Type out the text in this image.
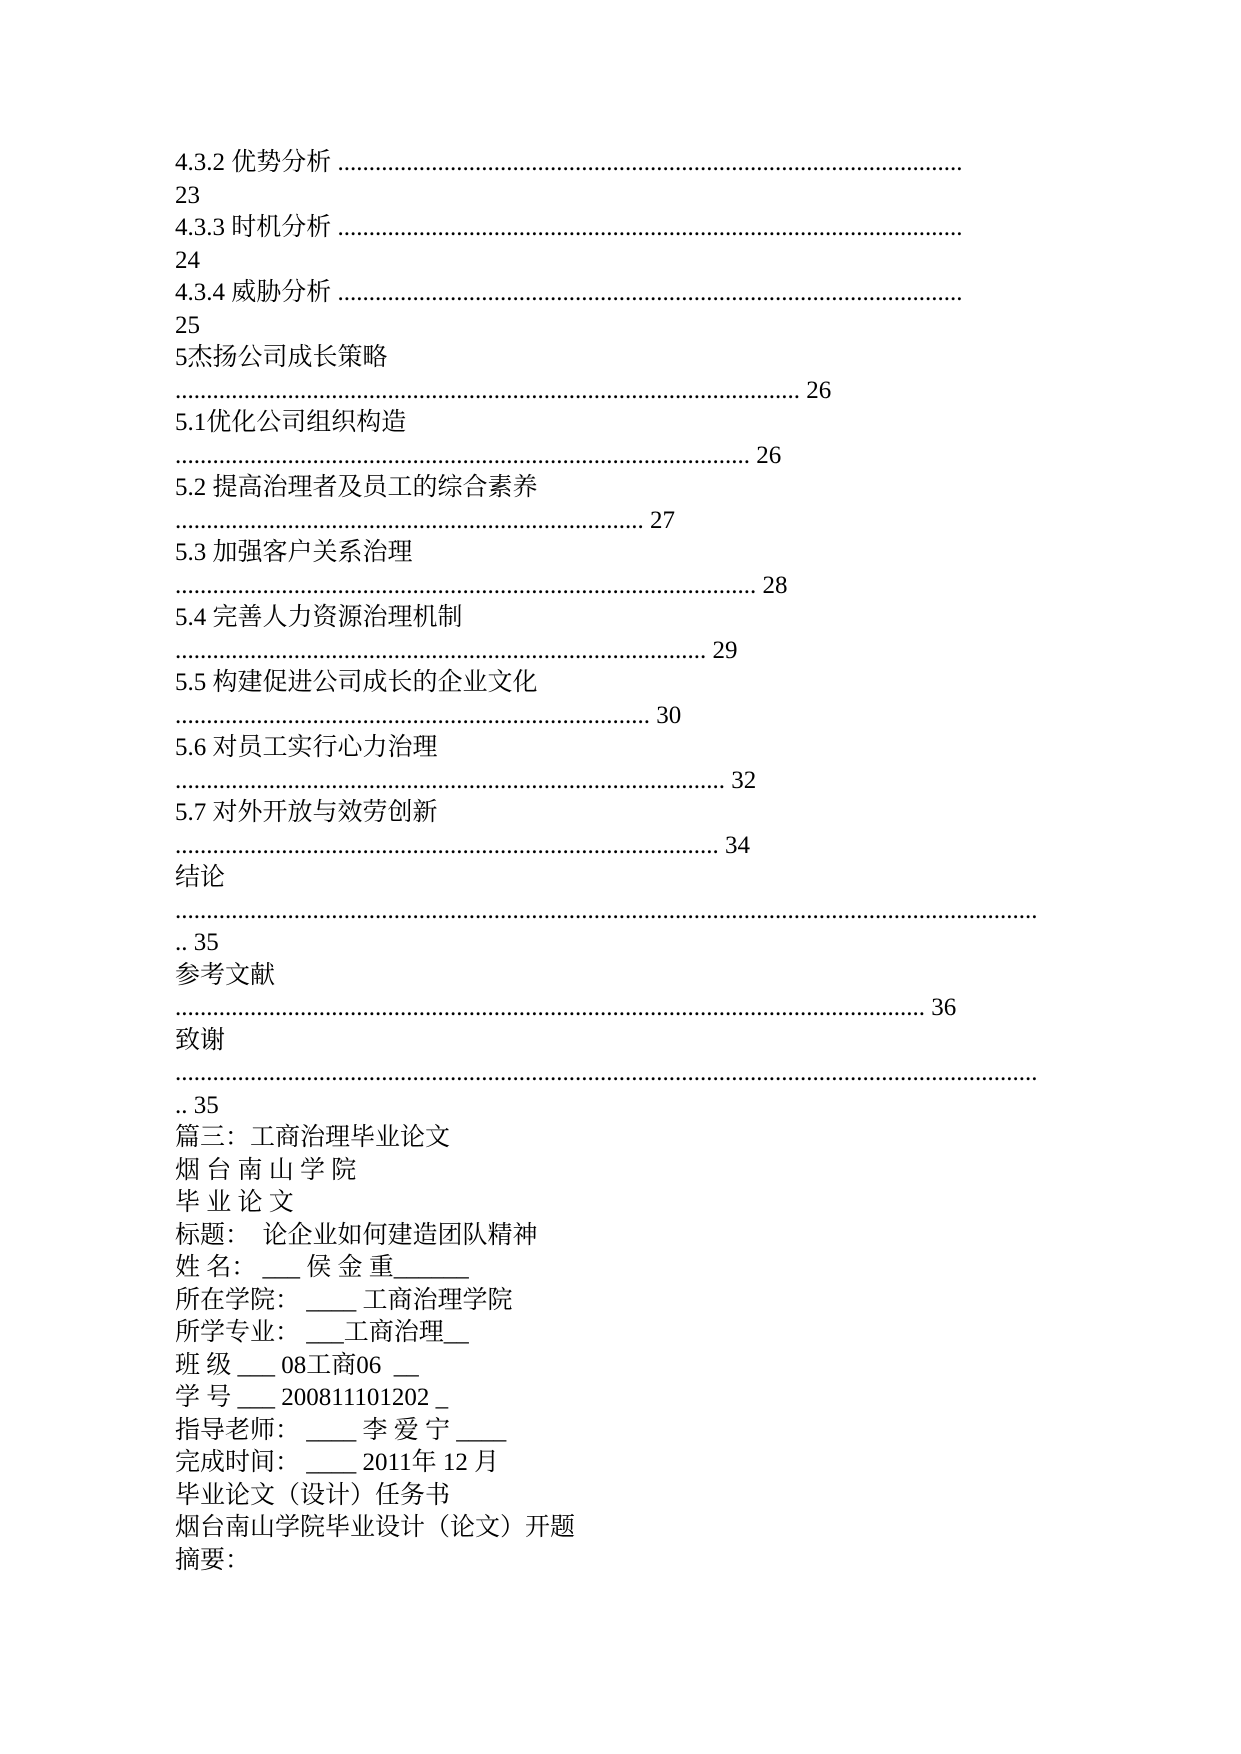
4.3.2 优势分析 ....................................................................................................
23
4.3.3 时机分析 ....................................................................................................
24
4.3.4 威胁分析 ....................................................................................................
25
5杰扬公司成长策略
.................................................................................................... 26
5.1优化公司组织构造
............................................................................................ 26
5.2 提高治理者及员工的综合素养
........................................................................... 27
5.3 加强客户关系治理
............................................................................................. 28
5.4 完善人力资源治理机制
..................................................................................... 29
5.5 构建促进公司成长的企业文化
............................................................................ 30
5.6 对员工实行心力治理
........................................................................................ 32
5.7 对外开放与效劳创新
....................................................................................... 34
结论
..........................................................................................................................................
.. 35
参考文献
........................................................................................................................ 36
致谢
..........................................................................................................................................
.. 35
篇三：工商治理毕业论文
烟 台 南 山 学 院
毕 业 论 文
标题：  论企业如何建造团队精神
姓 名： ___ 侯 金 重______
所在学院： ____ 工商治理学院
所学专业： ___工商治理__
班 级 ___ 08工商06  __
学 号 ___ 200811101202 _
指导老师： ____ 李 爱 宁 ____
完成时间： ____ 2011年 12 月
毕业论文（设计）任务书
烟台南山学院毕业设计（论文）开题
摘要：
